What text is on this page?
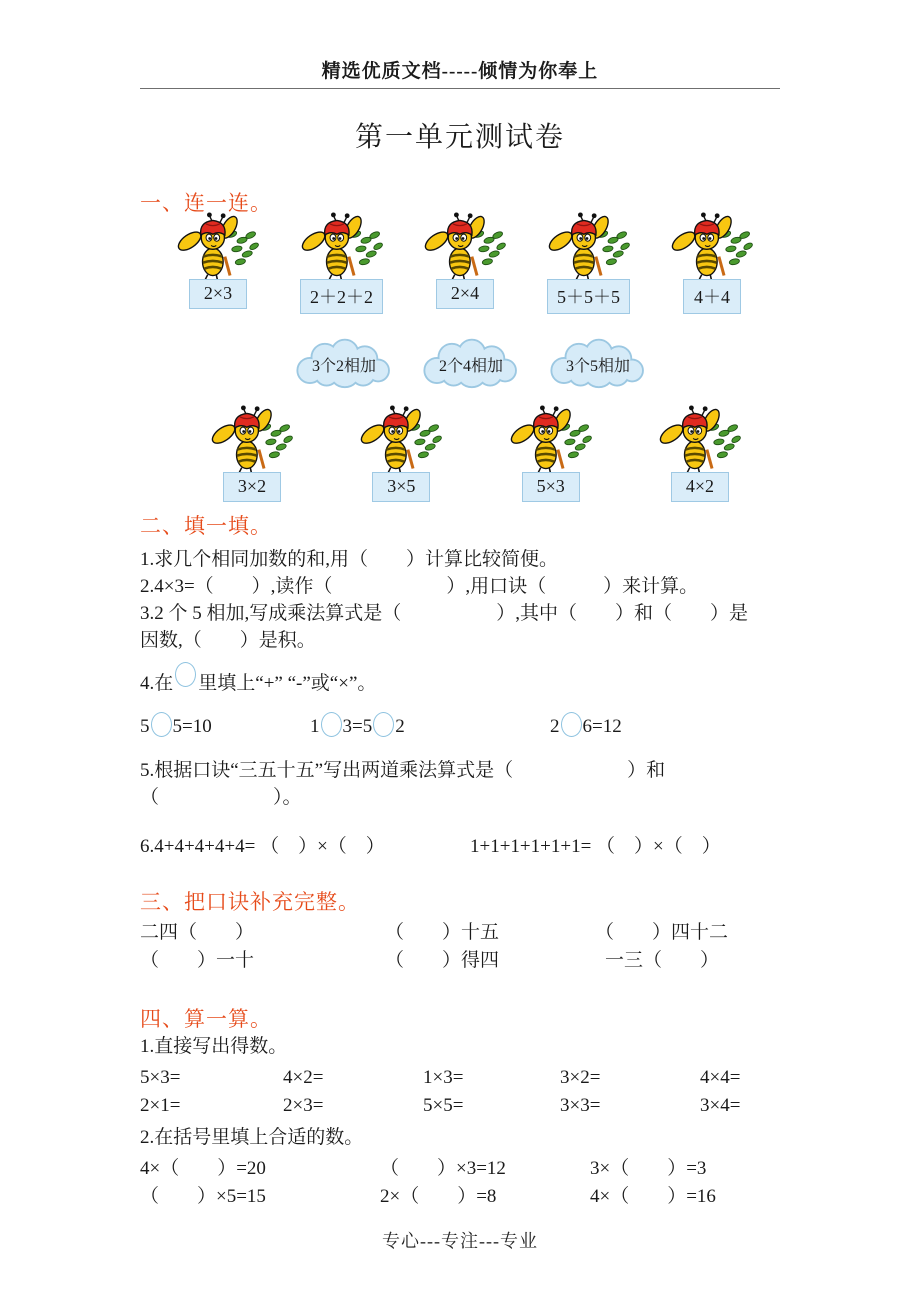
精选优质文档-----倾情为你奉上
第一单元测试卷
一、连一连。
2×3	2＋2＋2	2×4	5＋5＋5	4＋4
3个2相加	2个4相加	3个5相加
3×2	3×5	5×3	4×2
二、填一填。

1.求几个相同加数的和,用（　　）计算比较简便。

2.4×3=（　　）,读作（　　　　　　）,用口诀（　　　）来计算。

3.2 个 5 相加,写成乘法算式是（　　　　　）,其中（　　）和（　　）是

因数,（　　）是积。

4.在 里填上“+” “-”或“×”。

5 5=10	1 3=5 2	2 6=12

5.根据口诀“三五十五”写出两道乘法算式是（　　　　　　）和

（　　　　　　）。

6.4+4+4+4+4= （　）×（　）	1+1+1+1+1+1= （　）×（　）
三、把口诀补充完整。
二四（　　）	（　　）十五	（　　）四十二
（　　）一十	（　　）得四	一三（　　）
四、算一算。

1.直接写出得数。

5×3=	4×2=	1×3=	3×2=	4×4=
2×1=	2×3=	5×5=	3×3=	3×4=

2.在括号里填上合适的数。

4×（　　）=20	（　　）×3=12	3×（　　）=3
（　　）×5=15	2×（　　）=8	4×（　　）=16
专心---专注---专业
